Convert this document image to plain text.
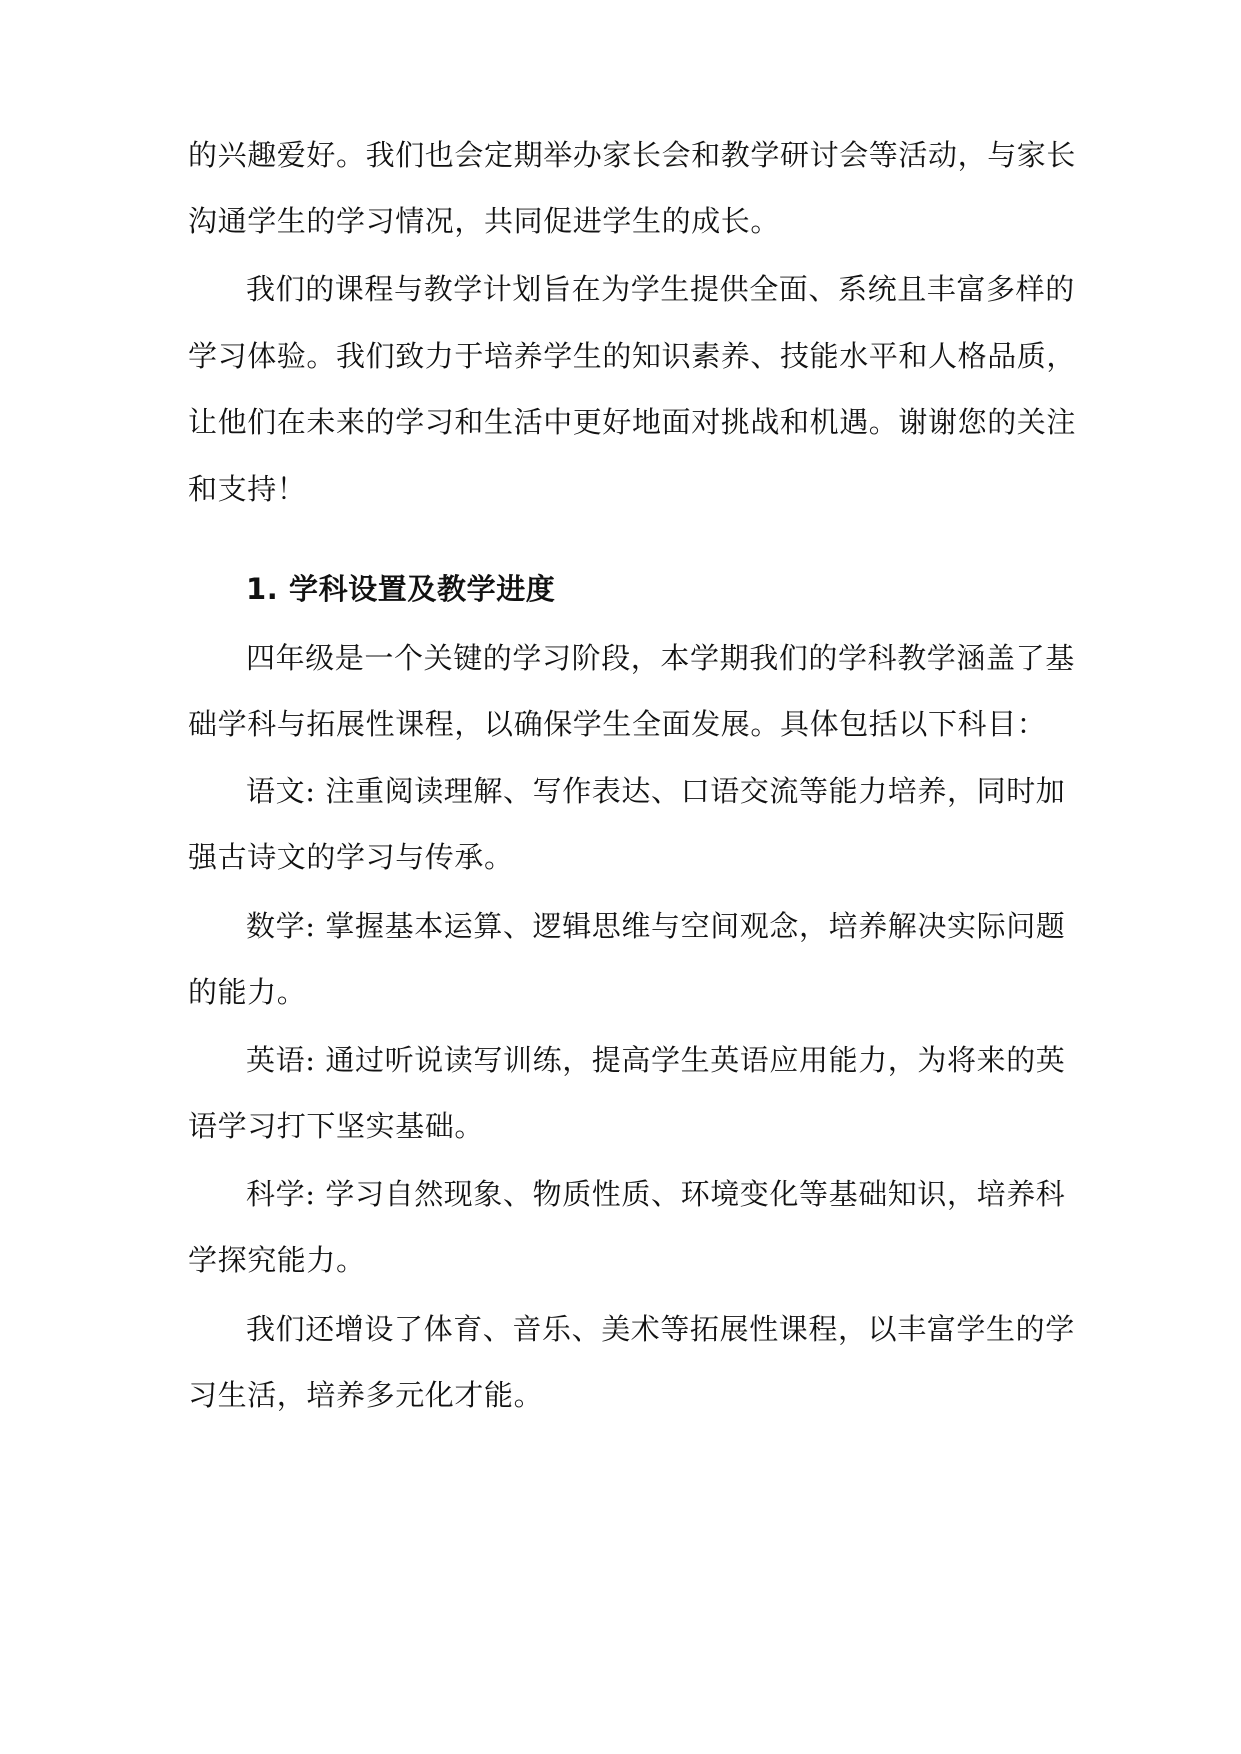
的兴趣爱好。我们也会定期举办家长会和教学研讨会等活动，与家长
沟通学生的学习情况，共同促进学生的成长。
我们的课程与教学计划旨在为学生提供全面、系统且丰富多样的
学习体验。我们致力于培养学生的知识素养、技能水平和人格品质，
让他们在未来的学习和生活中更好地面对挑战和机遇。谢谢您的关注
和支持！
1. 学科设置及教学进度
四年级是一个关键的学习阶段，本学期我们的学科教学涵盖了基
础学科与拓展性课程，以确保学生全面发展。具体包括以下科目：
语文: 注重阅读理解、写作表达、口语交流等能力培养，同时加
强古诗文的学习与传承。
数学: 掌握基本运算、逻辑思维与空间观念，培养解决实际问题
的能力。
英语: 通过听说读写训练，提高学生英语应用能力，为将来的英
语学习打下坚实基础。
科学: 学习自然现象、物质性质、环境变化等基础知识，培养科
学探究能力。
我们还增设了体育、音乐、美术等拓展性课程，以丰富学生的学
习生活，培养多元化才能。
